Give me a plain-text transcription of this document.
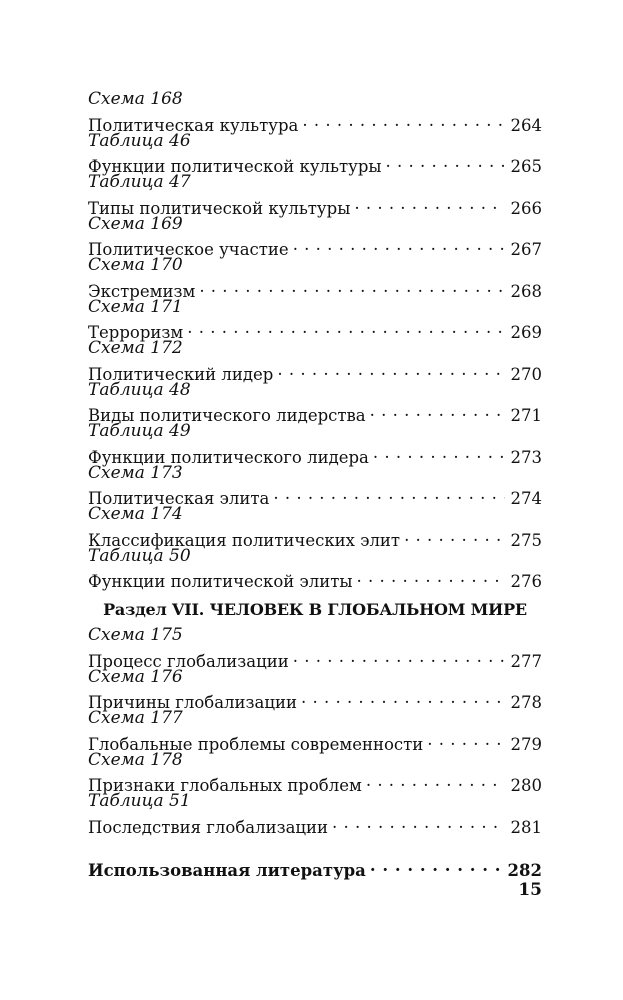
Схема 168
Политическая культура . . .	264
Таблица 46
Функции политической культуры . . .	265
Таблица 47
Типы политической культуры . . .	266
Схема 169
Политическое участие . . .	267
Схема 170
Экстремизм . . .	268
Схема 171
Терроризм . . .	269
Схема 172
Политический лидер . . .	270
Таблица 48
Виды политического лидерства . . .	271
Таблица 49
Функции политического лидера . . .	273
Схема 173
Политическая элита . . .	274
Схема 174
Классификация политических элит . . .	275
Таблица 50
Функции политической элиты . . .	276
Раздел VII. ЧЕЛОВЕК В ГЛОБАЛЬНОМ МИРЕ
Схема 175
Процесс глобализации . . .	277
Схема 176
Причины глобализации . . .	278
Схема 177
Глобальные проблемы современности . . .	279
Схема 178
Признаки глобальных проблем . . .	280
Таблица 51
Последствия глобализации . . .	281
Использованная литература . . .	282
15
